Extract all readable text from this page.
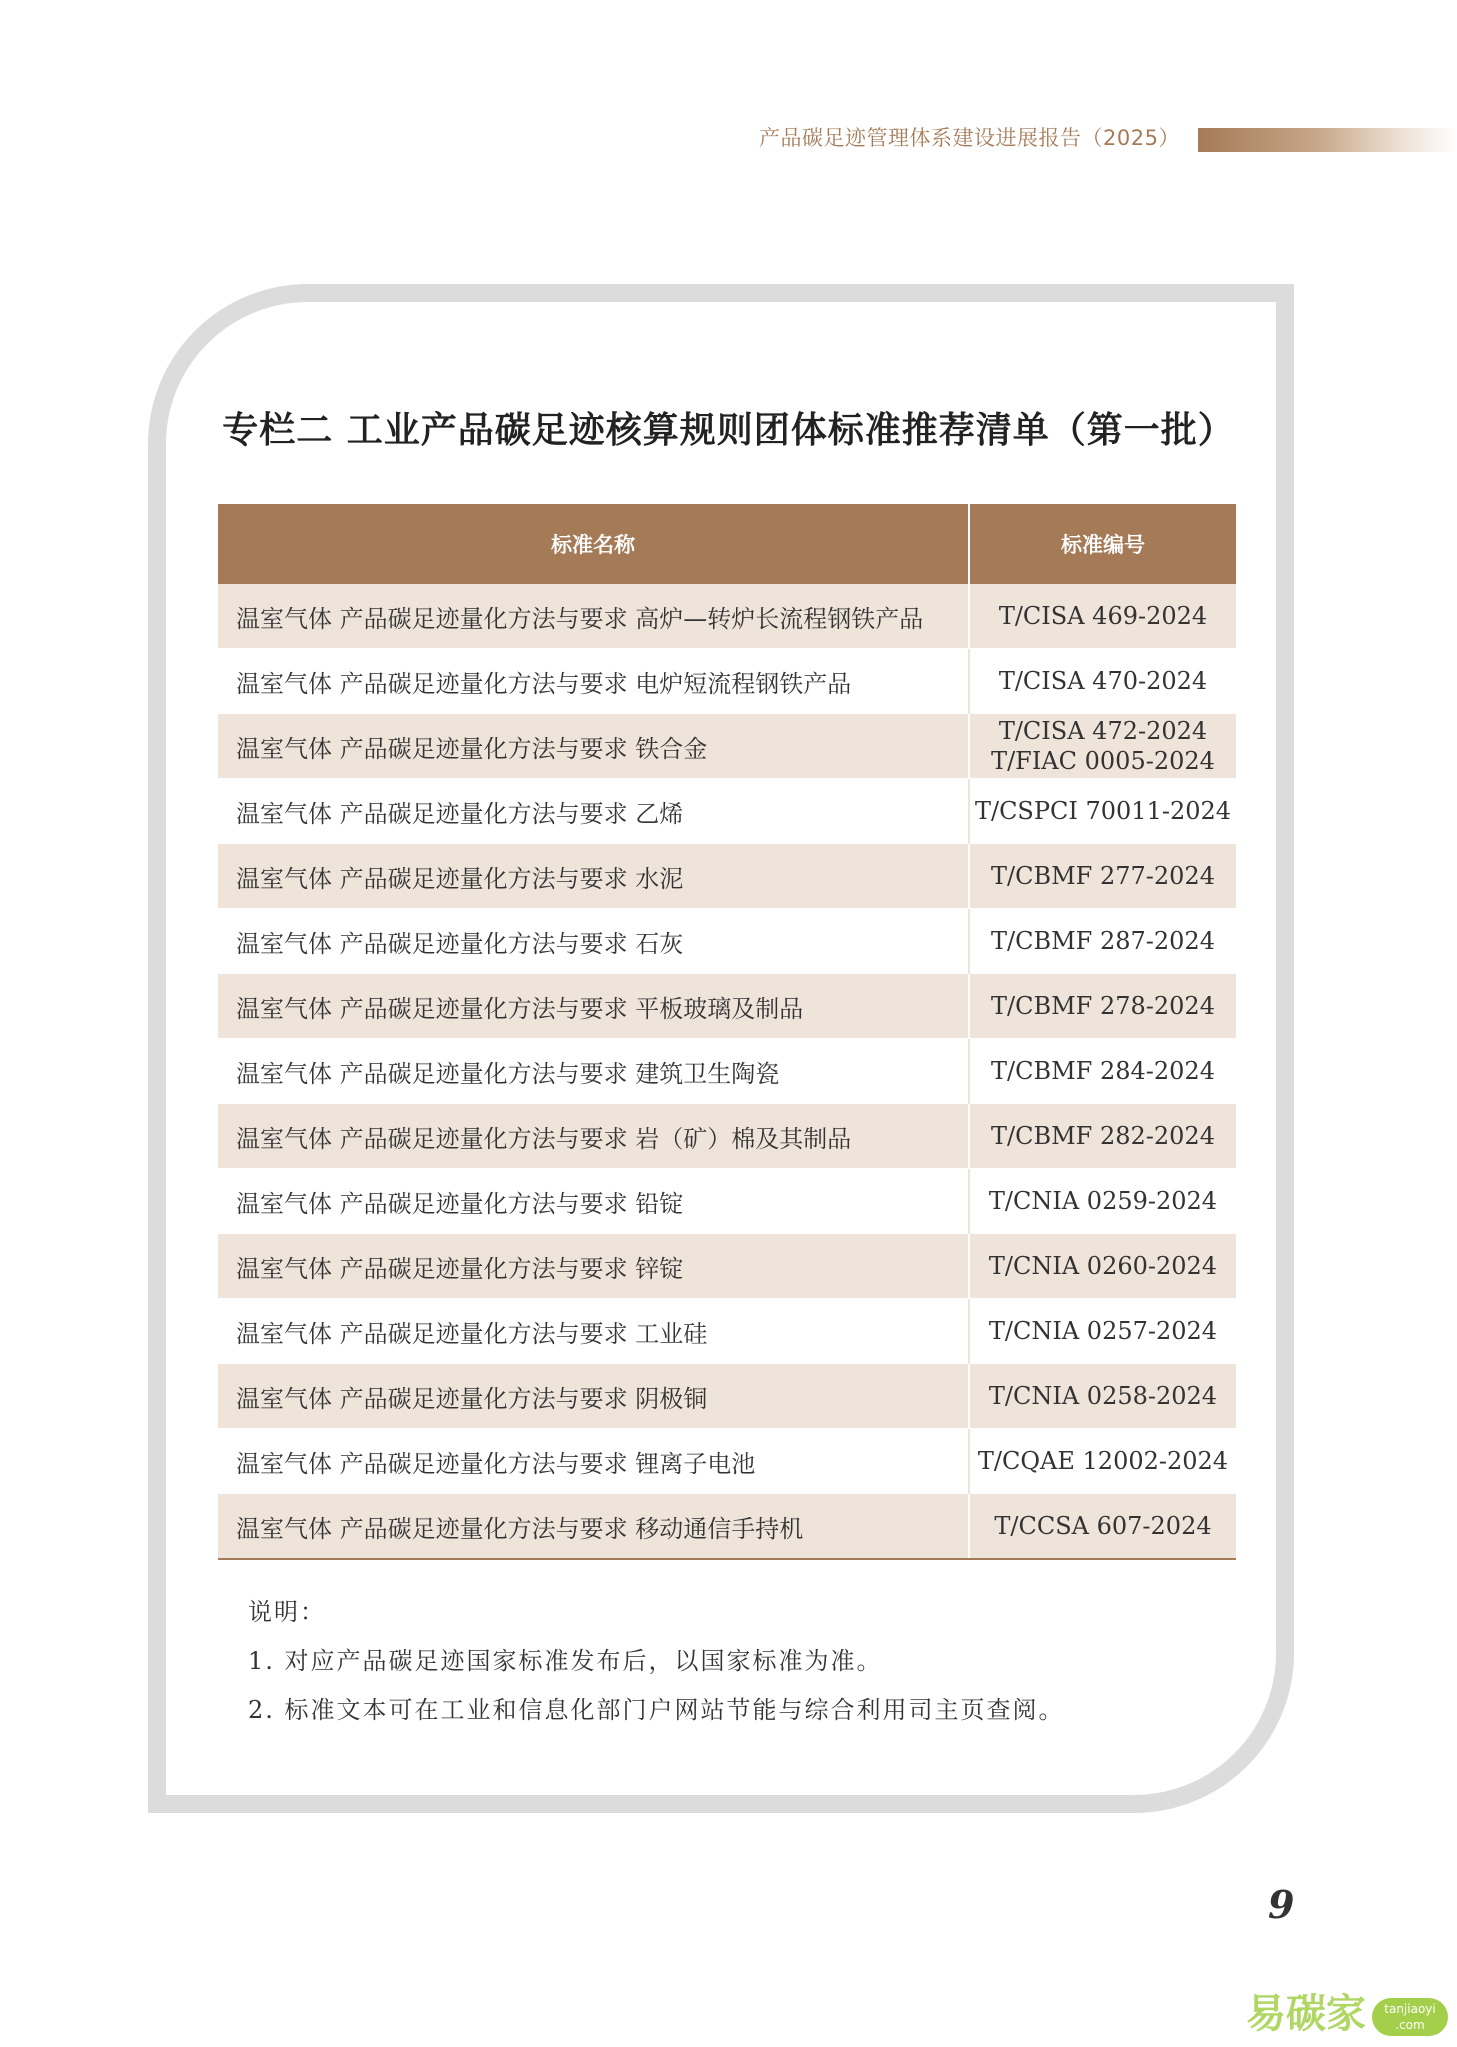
产品碳足迹管理体系建设进展报告（2025）
专栏二 工业产品碳足迹核算规则团体标准推荐清单（第一批）
标准名称	标准编号
温室气体 产品碳足迹量化方法与要求 高炉—转炉长流程钢铁产品	T/CISA 469-2024

温室气体 产品碳足迹量化方法与要求 电炉短流程钢铁产品	T/CISA 470-2024

温室气体 产品碳足迹量化方法与要求 铁合金	T/CISA 472-2024
T/FIAC 0005-2024

温室气体 产品碳足迹量化方法与要求 乙烯	T/CSPCI 70011-2024

温室气体 产品碳足迹量化方法与要求 水泥	T/CBMF 277-2024

温室气体 产品碳足迹量化方法与要求 石灰	T/CBMF 287-2024

温室气体 产品碳足迹量化方法与要求 平板玻璃及制品	T/CBMF 278-2024

温室气体 产品碳足迹量化方法与要求 建筑卫生陶瓷	T/CBMF 284-2024

温室气体 产品碳足迹量化方法与要求 岩（矿）棉及其制品	T/CBMF 282-2024

温室气体 产品碳足迹量化方法与要求 铅锭	T/CNIA 0259-2024

温室气体 产品碳足迹量化方法与要求 锌锭	T/CNIA 0260-2024

温室气体 产品碳足迹量化方法与要求 工业硅	T/CNIA 0257-2024

温室气体 产品碳足迹量化方法与要求 阴极铜	T/CNIA 0258-2024

温室气体 产品碳足迹量化方法与要求 锂离子电池	T/CQAE 12002-2024

温室气体 产品碳足迹量化方法与要求 移动通信手持机	T/CCSA 607-2024
说明：
1. 对应产品碳足迹国家标准发布后，以国家标准为准。
2. 标准文本可在工业和信息化部门户网站节能与综合利用司主页查阅。
9
易碳家	tanjiaoyi
.com
